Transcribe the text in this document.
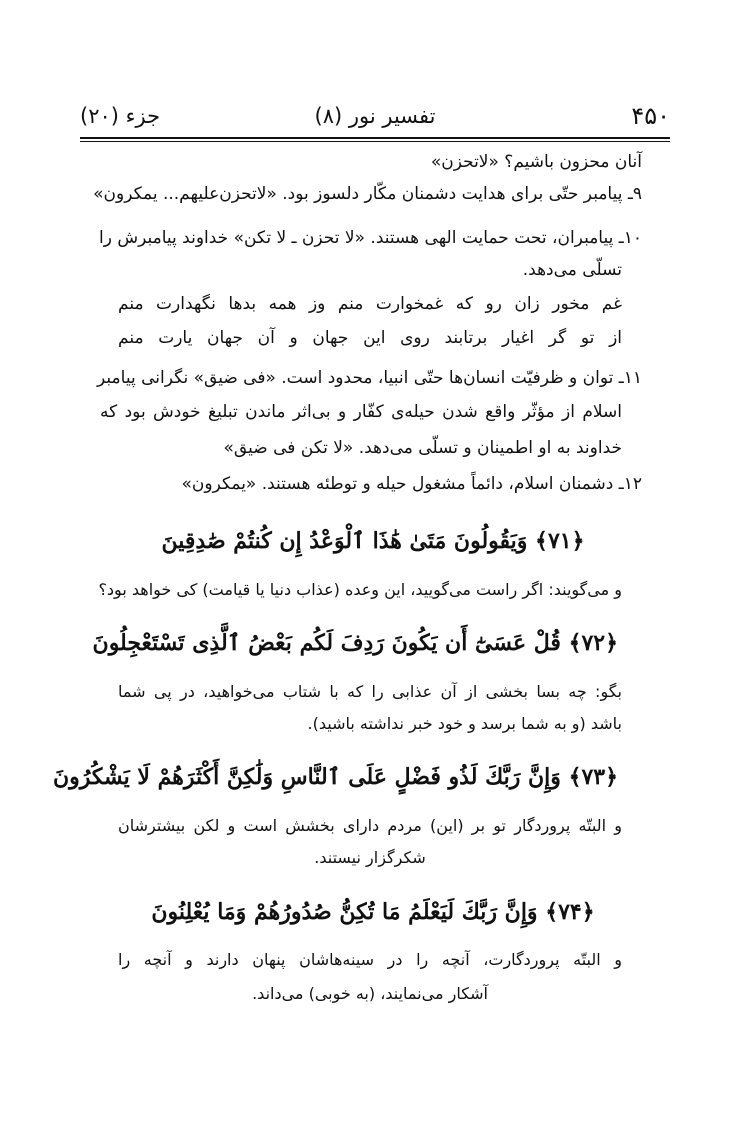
۴۵۰
تفسیر نور (۸)
جزء (۲۰)
آنان محزون باشیم؟ «لاتحزن»
۹ـ پیامبر حتّی برای هدایت دشمنان مکّار دلسوز بود. «لاتحزن‌علیهم... یمکرون»
۱۰ـ پیامبران، تحت حمایت الهی هستند. «لا تحزن ـ لا تکن» خداوند پیامبرش را
تسلّی می‌دهد.
غم مخور زان رو که غمخوارت منم وز همه بدها نگهدارت منم
از تو گر اغیار برتابند روی این جهان و آن جهان یارت منم
۱۱ـ توان و ظرفیّت انسان‌ها حتّی انبیا، محدود است. «فی ضیق» نگرانی پیامبر
اسلام از مؤثّر واقع شدن حیله‌ی کفّار و بی‌اثر ماندن تبلیغ خودش بود که
خداوند به او اطمینان و تسلّی می‌دهد. «لا تکن فی ضیق»
۱۲ـ دشمنان اسلام، دائماً مشغول حیله و توطئه هستند. «یمکرون»
﴿۷۱﴾ وَيَقُولُونَ مَتَىٰ هَٰذَا ٱلْوَعْدُ إِن كُنتُمْ صَٰدِقِينَ
و می‌گویند: اگر راست می‌گویید، این وعده (عذاب دنیا یا قیامت) کی خواهد بود؟
﴿۷۲﴾ قُلْ عَسَىٰٓ أَن يَكُونَ رَدِفَ لَكُم بَعْضُ ٱلَّذِى تَسْتَعْجِلُونَ
بگو: چه بسا بخشی از آن عذابی را که با شتاب می‌خواهید، در پی شما
باشد (و به شما برسد و خود خبر نداشته باشید).
﴿۷۳﴾ وَإِنَّ رَبَّكَ لَذُو فَضْلٍ عَلَى ٱلنَّاسِ وَلَٰكِنَّ أَكْثَرَهُمْ لَا يَشْكُرُونَ
و البتّه پروردگار تو بر (این) مردم دارای بخشش است و لکن بیشترشان
شکرگزار نیستند.
﴿۷۴﴾ وَإِنَّ رَبَّكَ لَيَعْلَمُ مَا تُكِنُّ صُدُورُهُمْ وَمَا يُعْلِنُونَ
و البتّه پروردگارت، آنچه را در سینه‌هاشان پنهان دارند و آنچه را
آشکار می‌نمایند، (به خوبی) می‌داند.
